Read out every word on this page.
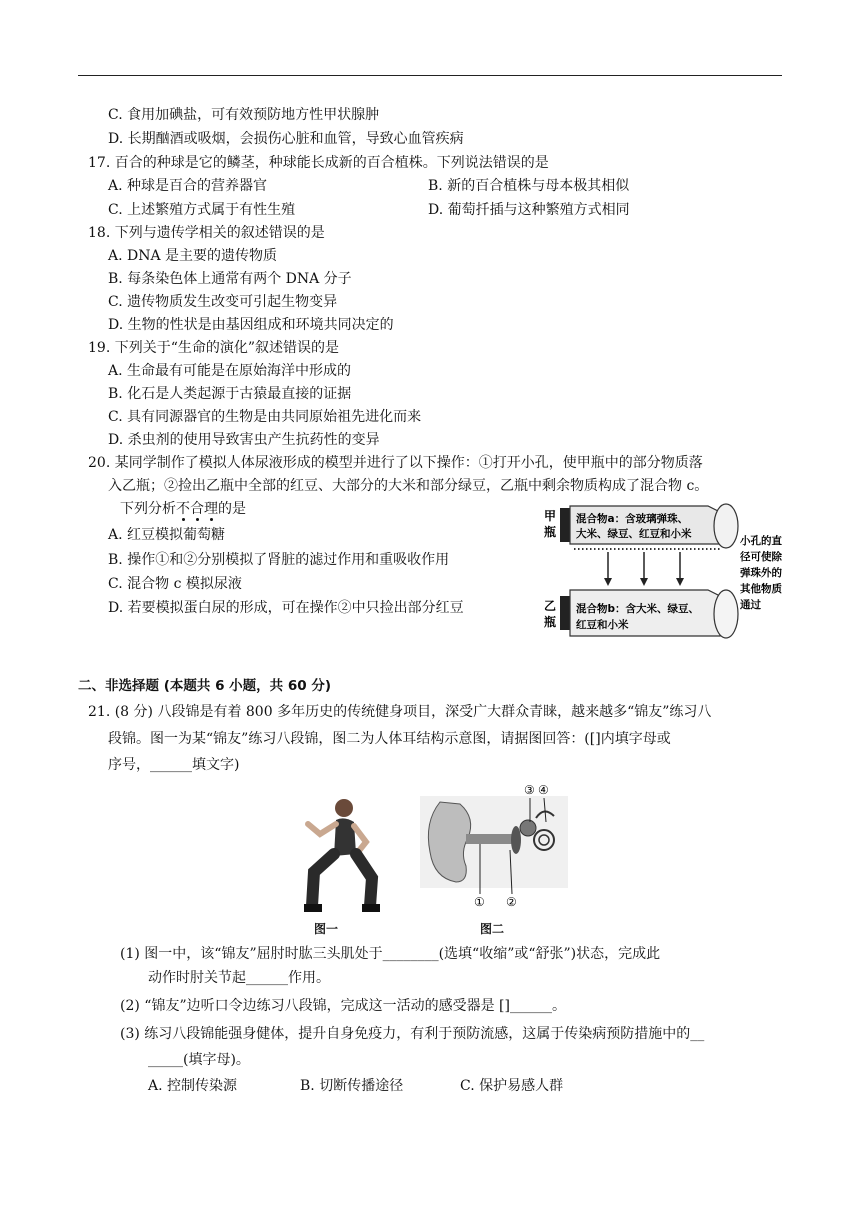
C. 食用加碘盐，可有效预防地方性甲状腺肿
D. 长期酗酒或吸烟，会损伤心脏和血管，导致心血管疾病
17. 百合的种球是它的鳞茎，种球能长成新的百合植株。下列说法错误的是
A. 种球是百合的营养器官	B. 新的百合植株与母本极其相似
C. 上述繁殖方式属于有性生殖	D. 葡萄扦插与这种繁殖方式相同
18. 下列与遗传学相关的叙述错误的是
A. DNA 是主要的遗传物质
B. 每条染色体上通常有两个 DNA 分子
C. 遗传物质发生改变可引起生物变异
D. 生物的性状是由基因组成和环境共同决定的
19. 下列关于“生命的演化”叙述错误的是
A. 生命最有可能是在原始海洋中形成的
B. 化石是人类起源于古猿最直接的证据
C. 具有同源器官的生物是由共同原始祖先进化而来
D. 杀虫剂的使用导致害虫产生抗药性的变异
20. 某同学制作了模拟人体尿液形成的模型并进行了以下操作：①打开小孔，使甲瓶中的部分物质落
入乙瓶；②捡出乙瓶中全部的红豆、大部分的大米和部分绿豆，乙瓶中剩余物质构成了混合物 c。
下列分析不合理的是
A. 红豆模拟葡萄糖
B. 操作①和②分别模拟了肾脏的滤过作用和重吸收作用
C. 混合物 c 模拟尿液
D. 若要模拟蛋白尿的形成，可在操作②中只捡出部分红豆
甲
瓶
混合物a：含玻璃弹珠、
大米、绿豆、红豆和小米
乙
瓶
混合物b：含大米、绿豆、
红豆和小米
小孔的直
径可使除
弹珠外的
其他物质
通过
二、非选择题 (本题共 6 小题，共 60 分)
21. (8 分) 八段锦是有着 800 多年历史的传统健身项目，深受广大群众青睐，越来越多“锦友”练习八
段锦。图一为某“锦友”练习八段锦，图二为人体耳结构示意图，请据图回答：([]内填字母或
序号，______填文字)
图一
① ②
③ ④
图二
(1) 图一中，该“锦友”屈肘时肱三头肌处于________(选填“收缩”或“舒张”)状态，完成此
动作时肘关节起______作用。
(2) “锦友”边听口令边练习八段锦，完成这一活动的感受器是 []______。
(3) 练习八段锦能强身健体，提升自身免疫力，有利于预防流感，这属于传染病预防措施中的__
_____(填字母)。
A. 控制传染源	B. 切断传播途径	C. 保护易感人群
